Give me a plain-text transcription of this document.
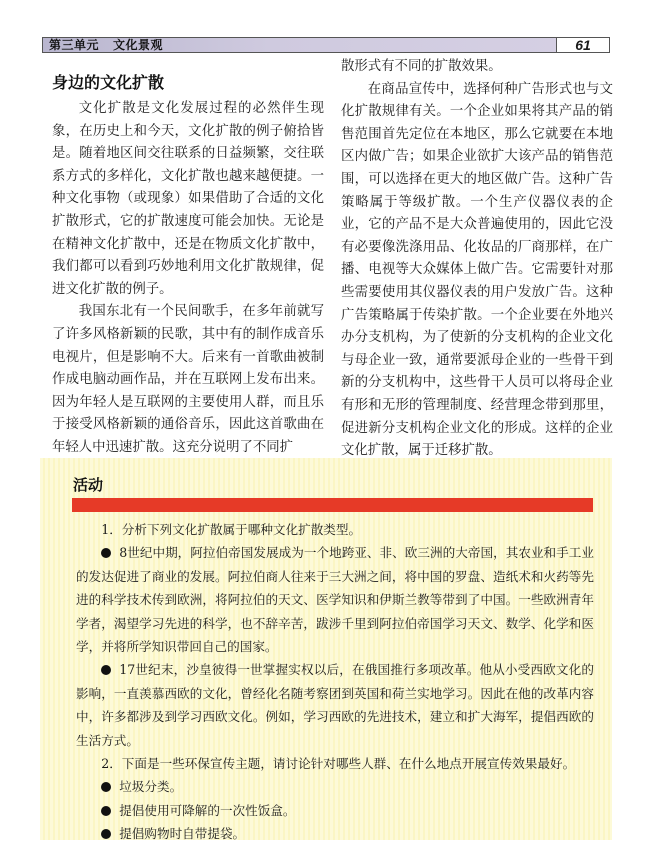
第三单元 文化景观	61
身边的文化扩散

文化扩散是文化发展过程的必然伴生现象，在历史上和今天，文化扩散的例子俯拾皆是。随着地区间交往联系的日益频繁，交往联系方式的多样化，文化扩散也越来越便捷。一种文化事物（或现象）如果借助了合适的文化扩散形式，它的扩散速度可能会加快。无论是在精神文化扩散中，还是在物质文化扩散中，我们都可以看到巧妙地利用文化扩散规律，促进文化扩散的例子。

我国东北有一个民间歌手，在多年前就写了许多风格新颖的民歌，其中有的制作成音乐电视片，但是影响不大。后来有一首歌曲被制作成电脑动画作品，并在互联网上发布出来。因为年轻人是互联网的主要使用人群，而且乐于接受风格新颖的通俗音乐，因此这首歌曲在年轻人中迅速扩散。这充分说明了不同扩

散形式有不同的扩散效果。

在商品宣传中，选择何种广告形式也与文化扩散规律有关。一个企业如果将其产品的销售范围首先定位在本地区，那么它就要在本地区内做广告；如果企业欲扩大该产品的销售范围，可以选择在更大的地区做广告。这种广告策略属于等级扩散。一个生产仪器仪表的企业，它的产品不是大众普遍使用的，因此它没有必要像洗涤用品、化妆品的厂商那样，在广播、电视等大众媒体上做广告。它需要针对那些需要使用其仪器仪表的用户发放广告。这种广告策略属于传染扩散。一个企业要在外地兴办分支机构，为了使新的分支机构的企业文化与母企业一致，通常要派母企业的一些骨干到新的分支机构中，这些骨干人员可以将母企业有形和无形的管理制度、经营理念带到那里，促进新分支机构企业文化的形成。这样的企业文化扩散，属于迁移扩散。

活动

1．分析下列文化扩散属于哪种文化扩散类型。

8世纪中期，阿拉伯帝国发展成为一个地跨亚、非、欧三洲的大帝国，其农业和手工业的发达促进了商业的发展。阿拉伯商人往来于三大洲之间，将中国的罗盘、造纸术和火药等先进的科学技术传到欧洲，将阿拉伯的天文、医学知识和伊斯兰教等带到了中国。一些欧洲青年学者，渴望学习先进的科学，也不辞辛苦，跋涉千里到阿拉伯帝国学习天文、数学、化学和医学，并将所学知识带回自己的国家。

17世纪末，沙皇彼得一世掌握实权以后，在俄国推行多项改革。他从小受西欧文化的影响，一直羡慕西欧的文化，曾经化名随考察团到英国和荷兰实地学习。因此在他的改革内容中，许多都涉及到学习西欧文化。例如，学习西欧的先进技术，建立和扩大海军，提倡西欧的生活方式。

2．下面是一些环保宣传主题，请讨论针对哪些人群、在什么地点开展宣传效果最好。

垃圾分类。

提倡使用可降解的一次性饭盒。

提倡购物时自带提袋。
